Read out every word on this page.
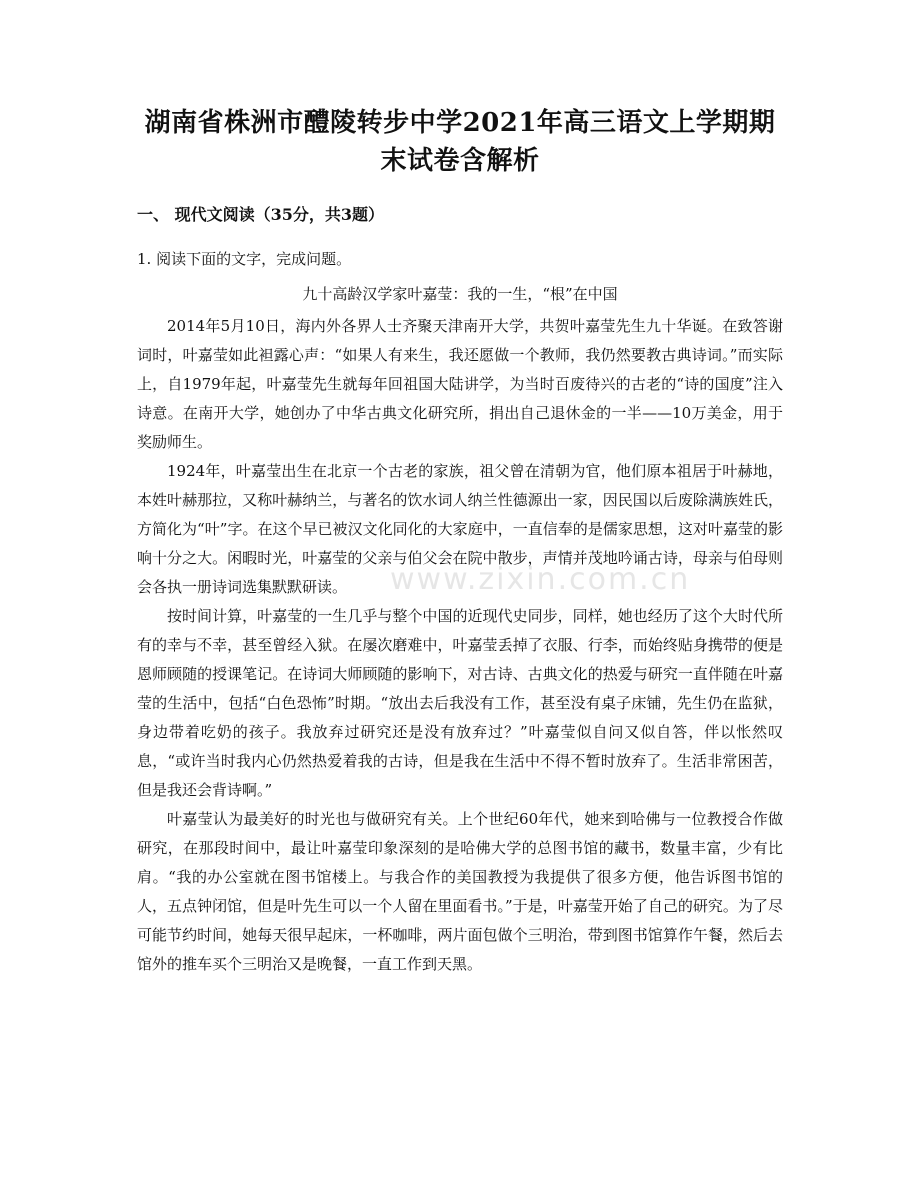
湖南省株洲市醴陵转步中学2021年高三语文上学期期
末试卷含解析
一、 现代文阅读（35分，共3题）
1. 阅读下面的文字，完成问题。
九十高龄汉学家叶嘉莹：我的一生，“根”在中国

2014年5月10日，海内外各界人士齐聚天津南开大学，共贺叶嘉莹先生九十华诞。在致答谢词时，叶嘉莹如此袒露心声：“如果人有来生，我还愿做一个教师，我仍然要教古典诗词。”而实际上，自1979年起，叶嘉莹先生就每年回祖国大陆讲学，为当时百废待兴的古老的“诗的国度”注入诗意。在南开大学，她创办了中华古典文化研究所，捐出自己退休金的一半——10万美金，用于奖励师生。

1924年，叶嘉莹出生在北京一个古老的家族，祖父曾在清朝为官，他们原本祖居于叶赫地，本姓叶赫那拉，又称叶赫纳兰，与著名的饮水词人纳兰性德源出一家，因民国以后废除满族姓氏，方简化为“叶”字。在这个早已被汉文化同化的大家庭中，一直信奉的是儒家思想，这对叶嘉莹的影响十分之大。闲暇时光，叶嘉莹的父亲与伯父会在院中散步，声情并茂地吟诵古诗，母亲与伯母则会各执一册诗词选集默默研读。

按时间计算，叶嘉莹的一生几乎与整个中国的近现代史同步，同样，她也经历了这个大时代所有的幸与不幸，甚至曾经入狱。在屡次磨难中，叶嘉莹丢掉了衣服、行李，而始终贴身携带的便是恩师顾随的授课笔记。在诗词大师顾随的影响下，对古诗、古典文化的热爱与研究一直伴随在叶嘉莹的生活中，包括“白色恐怖”时期。“放出去后我没有工作，甚至没有桌子床铺，先生仍在监狱，身边带着吃奶的孩子。我放弃过研究还是没有放弃过？”叶嘉莹似自问又似自答，伴以怅然叹息，“或许当时我内心仍然热爱着我的古诗，但是我在生活中不得不暂时放弃了。生活非常困苦，但是我还会背诗啊。”

叶嘉莹认为最美好的时光也与做研究有关。上个世纪60年代，她来到哈佛与一位教授合作做研究，在那段时间中，最让叶嘉莹印象深刻的是哈佛大学的总图书馆的藏书，数量丰富，少有比肩。“我的办公室就在图书馆楼上。与我合作的美国教授为我提供了很多方便，他告诉图书馆的人，五点钟闭馆，但是叶先生可以一个人留在里面看书。”于是，叶嘉莹开始了自己的研究。为了尽可能节约时间，她每天很早起床，一杯咖啡，两片面包做个三明治，带到图书馆算作午餐，然后去馆外的推车买个三明治又是晚餐，一直工作到天黑。

www.zixin.com.cn
